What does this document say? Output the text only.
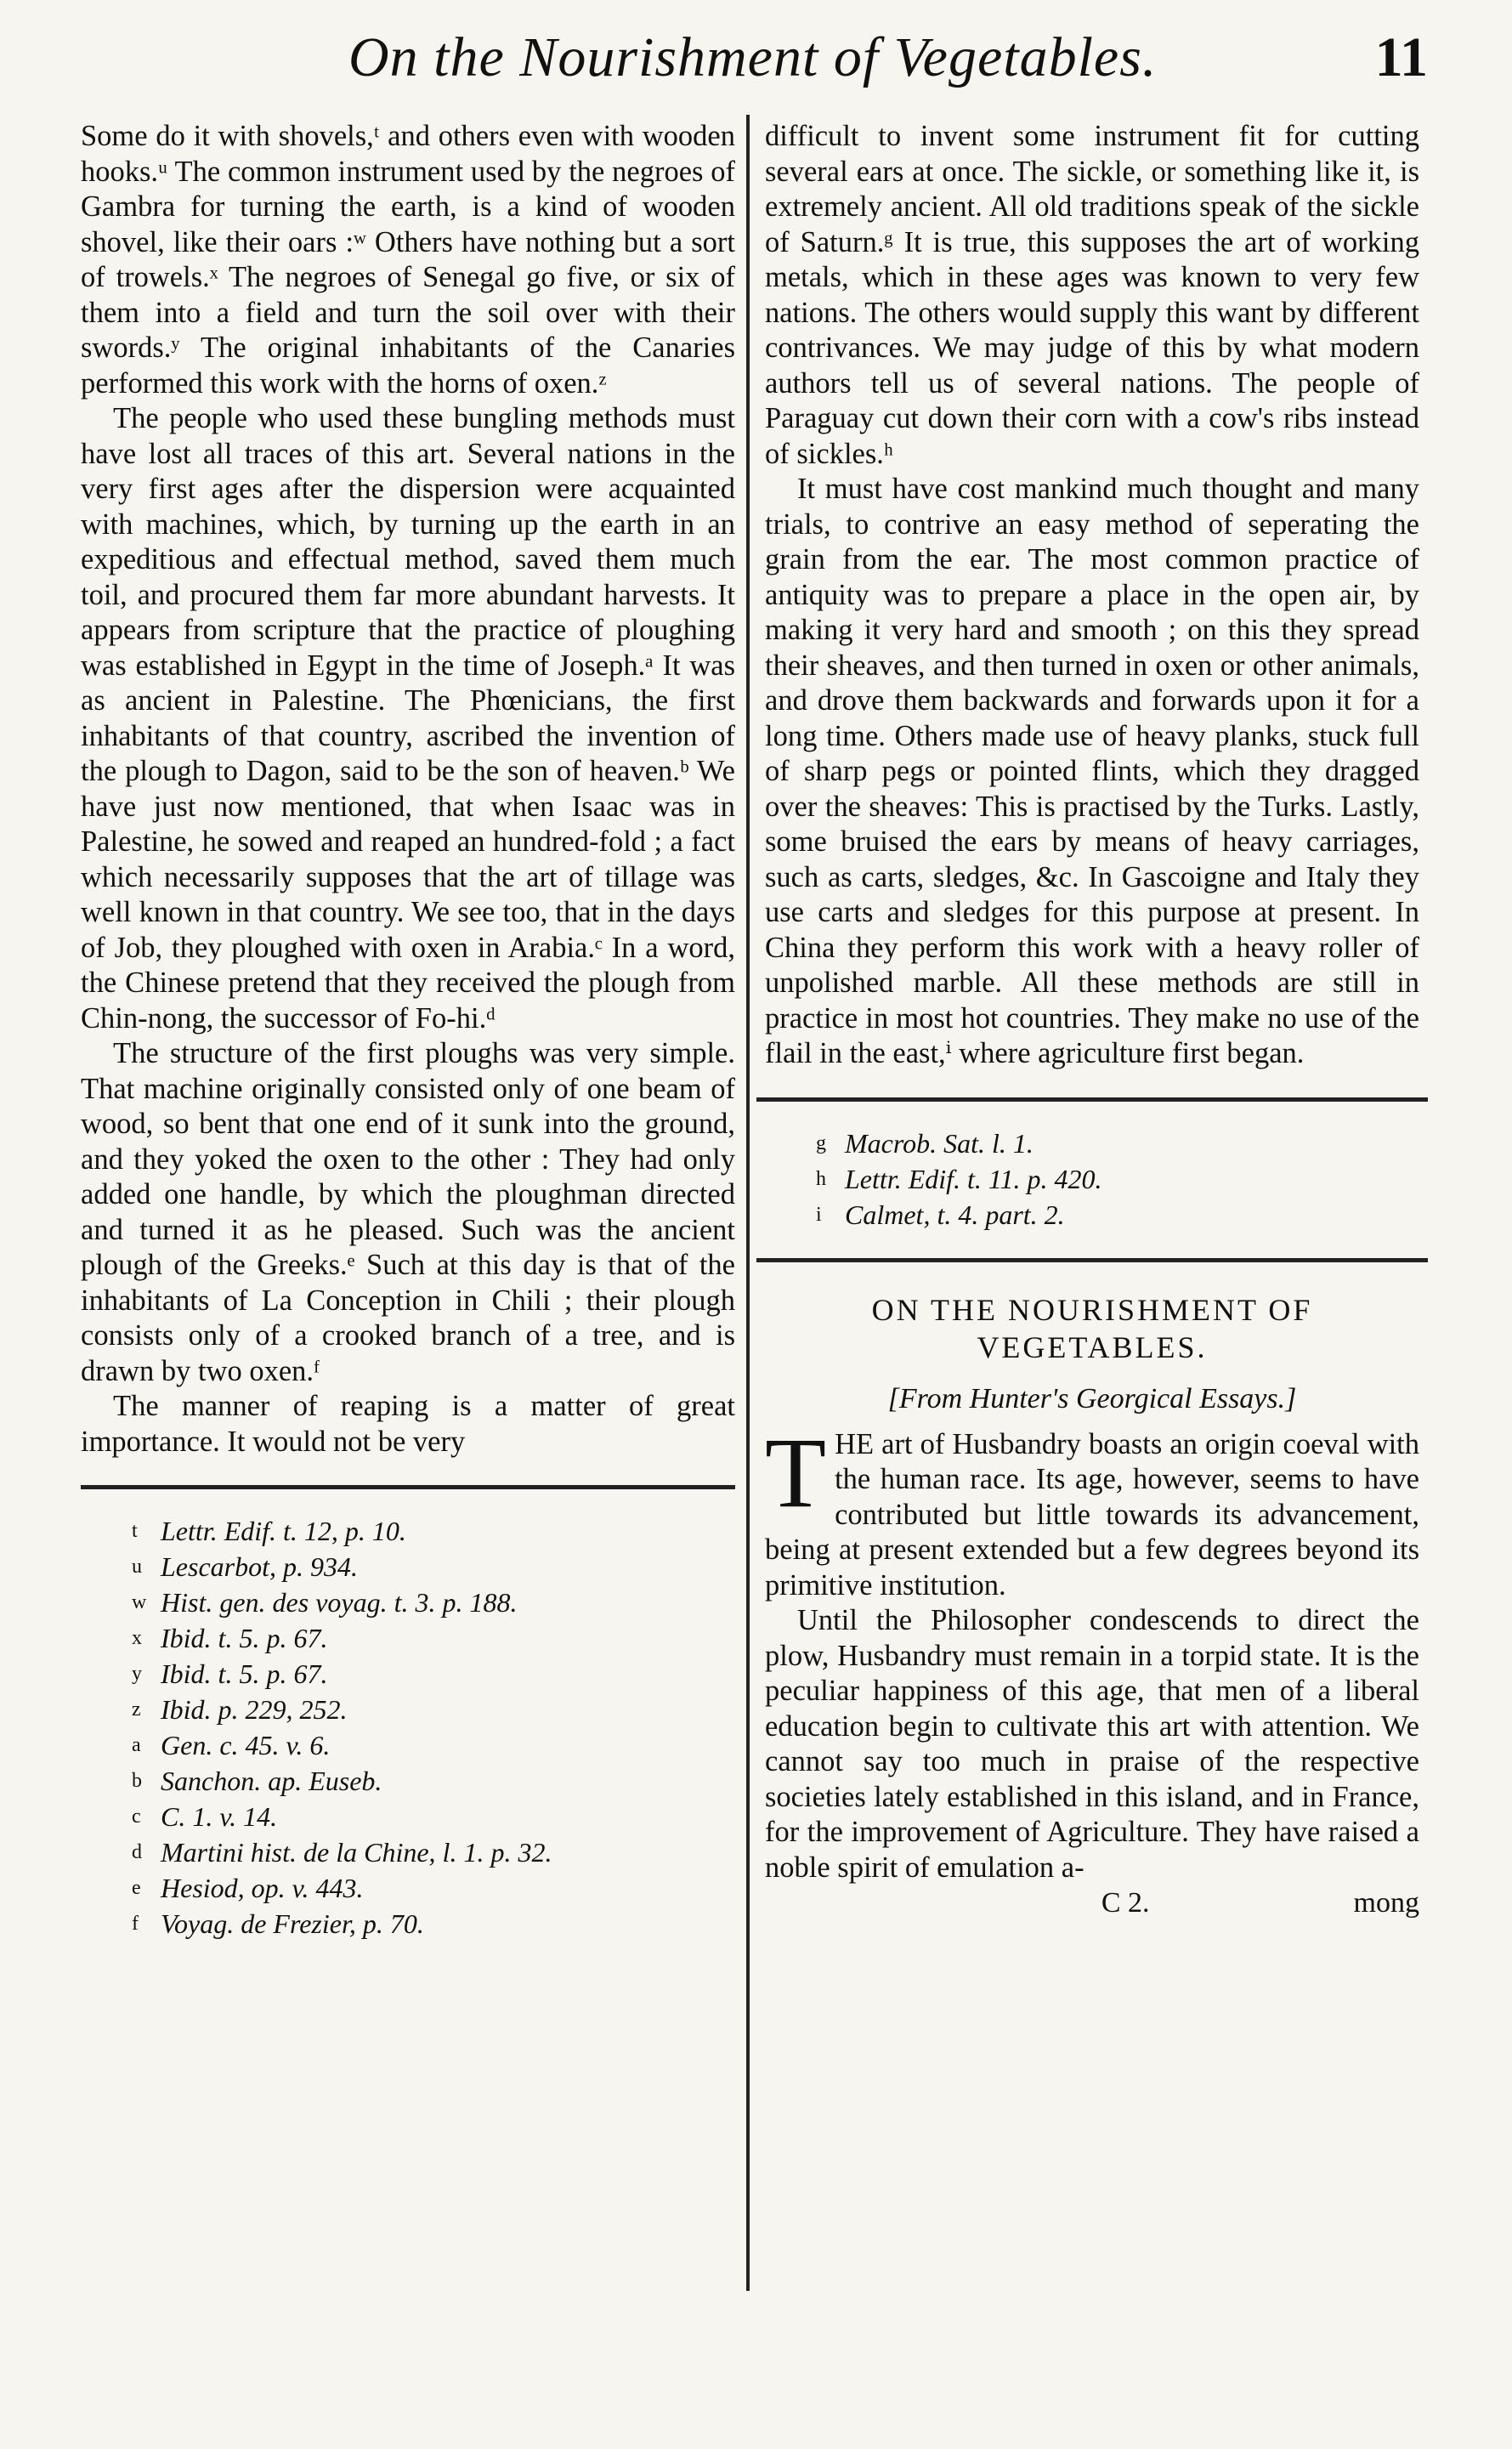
On the Nourishment of Vegetables.	11

Some do it with shovels,ᵗ and others even with wooden hooks.ᵘ The common instrument used by the negroes of Gambra for turning the earth, is a kind of wooden shovel, like their oars :ʷ Others have nothing but a sort of trowels.ˣ The negroes of Senegal go five, or six of them into a field and turn the soil over with their swords.ʸ The original inhabitants of the Canaries performed this work with the horns of oxen.ᶻ

The people who used these bungling methods must have lost all traces of this art. Several nations in the very first ages after the dispersion were acquainted with machines, which, by turning up the earth in an expeditious and effectual method, saved them much toil, and procured them far more abundant harvests. It appears from scripture that the practice of ploughing was established in Egypt in the time of Joseph.ᵃ It was as ancient in Palestine. The Phœnicians, the first inhabitants of that country, ascribed the invention of the plough to Dagon, said to be the son of heaven.ᵇ We have just now mentioned, that when Isaac was in Palestine, he sowed and reaped an hundred-fold ; a fact which necessarily supposes that the art of tillage was well known in that country. We see too, that in the days of Job, they ploughed with oxen in Arabia.ᶜ In a word, the Chinese pretend that they received the plough from Chin-nong, the successor of Fo-hi.ᵈ

The structure of the first ploughs was very simple. That machine originally consisted only of one beam of wood, so bent that one end of it sunk into the ground, and they yoked the oxen to the other : They had only added one handle, by which the ploughman directed and turned it as he pleased. Such was the ancient plough of the Greeks.ᵉ Such at this day is that of the inhabitants of La Conception in Chili ; their plough consists only of a crooked branch of a tree, and is drawn by two oxen.ᶠ

The manner of reaping is a matter of great importance. It would not be very

t Lettr. Edif. t. 12, p. 10.
u Lescarbot, p. 934.
w Hist. gen. des voyag. t. 3. p. 188.
x Ibid. t. 5. p. 67.
y Ibid. t. 5. p. 67.
z Ibid. p. 229, 252.
a Gen. c. 45. v. 6.
b Sanchon. ap. Euseb.
c C. 1. v. 14.
d Martini hist. de la Chine, l. 1. p. 32.
e Hesiod, op. v. 443.
f Voyag. de Frezier, p. 70.

difficult to invent some instrument fit for cutting several ears at once. The sickle, or something like it, is extremely ancient. All old traditions speak of the sickle of Saturn.ᵍ It is true, this supposes the art of working metals, which in these ages was known to very few nations. The others would supply this want by different contrivances. We may judge of this by what modern authors tell us of several nations. The people of Paraguay cut down their corn with a cow's ribs instead of sickles.ʰ

It must have cost mankind much thought and many trials, to contrive an easy method of seperating the grain from the ear. The most common practice of antiquity was to prepare a place in the open air, by making it very hard and smooth ; on this they spread their sheaves, and then turned in oxen or other animals, and drove them backwards and forwards upon it for a long time. Others made use of heavy planks, stuck full of sharp pegs or pointed flints, which they dragged over the sheaves: This is practised by the Turks. Lastly, some bruised the ears by means of heavy carriages, such as carts, sledges, &c. In Gascoigne and Italy they use carts and sledges for this purpose at present. In China they perform this work with a heavy roller of unpolished marble. All these methods are still in practice in most hot countries. They make no use of the flail in the east,ⁱ where agriculture first began.

g Macrob. Sat. l. 1.
h Lettr. Edif. t. 11. p. 420.
i Calmet, t. 4. part. 2.
ON THE NOURISHMENT OF VEGETABLES.
[From Hunter's Georgical Essays.]

THE art of Husbandry boasts an origin coeval with the human race. Its age, however, seems to have contributed but little towards its advancement, being at present extended but a few degrees beyond its primitive institution.

Until the Philosopher condescends to direct the plow, Husbandry must remain in a torpid state. It is the peculiar happiness of this age, that men of a liberal education begin to cultivate this art with attention. We cannot say too much in praise of the respective societies lately established in this island, and in France, for the improvement of Agriculture. They have raised a noble spirit of emulation a-

C 2.	mong
